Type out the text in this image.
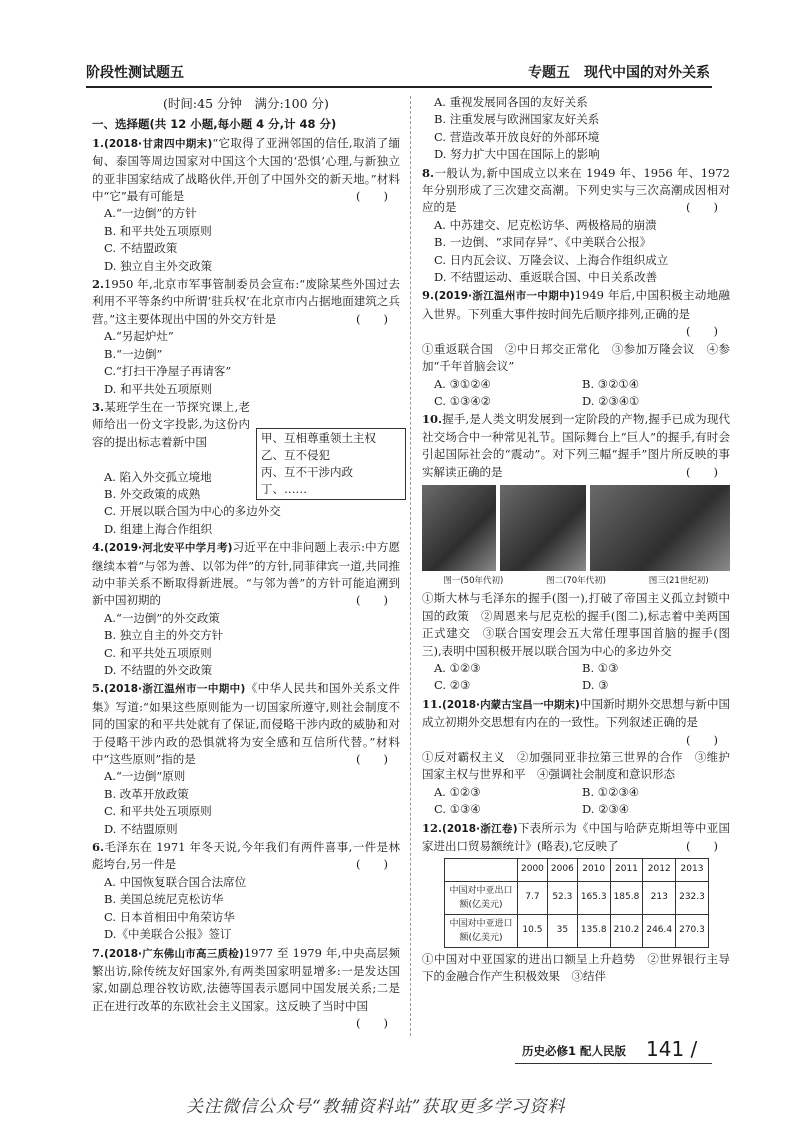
阶段性测试题五	专题五　现代中国的对外关系
(时间:45 分钟　满分:100 分)
一、选择题(共 12 小题,每小题 4 分,计 48 分)
1.(2018·甘肃四中期末)“它取得了亚洲邻国的信任,取消了缅甸、泰国等周边国家对中国这个大国的‘恐惧’心理,与新独立的亚非国家结成了战略伙伴,开创了中国外交的新天地。”材料中“它”最有可能是	(　　)
A.“一边倒”的方针
B. 和平共处五项原则
C. 不结盟政策
D. 独立自主外交政策
2.1950 年,北京市军事管制委员会宣布:“废除某些外国过去利用不平等条约中所谓‘驻兵权’在北京市内占据地面建筑之兵营。”这主要体现出中国的外交方针是	(　　)
A.“另起炉灶”
B.“一边倒”
C.“打扫干净屋子再请客”
D. 和平共处五项原则
3.某班学生在一节探究课上,老师给出一份文字投影,为这份内容的提出标志着新中国
A. 陷入外交孤立境地
B. 外交政策的成熟
C. 开展以联合国为中心的多边外交
D. 组建上海合作组织
4.(2019·河北安平中学月考)习近平在中非问题上表示:中方愿继续本着“与邻为善、以邻为伴”的方针,同菲律宾一道,共同推动中菲关系不断取得新进展。“与邻为善”的方针可能追溯到新中国初期的	(　　)
A.“一边倒”的外交政策
B. 独立自主的外交方针
C. 和平共处五项原则
D. 不结盟的外交政策
5.(2018·浙江温州市一中期中)《中华人民共和国外关系文件集》写道:“如果这些原则能为一切国家所遵守,则社会制度不同的国家的和平共处就有了保证,而侵略干涉内政的威胁和对于侵略干涉内政的恐惧就将为安全感和互信所代替。”材料中“这些原则”指的是	(　　)
A.“一边倒”原则
B. 改革开放政策
C. 和平共处五项原则
D. 不结盟原则
6.毛泽东在 1971 年冬天说,今年我们有两件喜事,一件是林彪垮台,另一件是	(　　)
A. 中国恢复联合国合法席位
B. 美国总统尼克松访华
C. 日本首相田中角荣访华
D.《中美联合公报》签订
7.(2018·广东佛山市高三质检)1977 至 1979 年,中央高层频繁出访,除传统友好国家外,有两类国家明显增多:一是发达国家,如副总理谷牧访欧,法德等国表示愿同中国发展关系;二是正在进行改革的东欧社会主义国家。这反映了当时中国
(　　)
甲、互相尊重领土主权
乙、互不侵犯
丙、互不干涉内政
丁、……
A. 重视发展同各国的友好关系
B. 注重发展与欧洲国家友好关系
C. 营造改革开放良好的外部环境
D. 努力扩大中国在国际上的影响
8.一般认为,新中国成立以来在 1949 年、1956 年、1972 年分别形成了三次建交高潮。下列史实与三次高潮成因相对应的是	(　　)
A. 中苏建交、尼克松访华、两极格局的崩溃
B. 一边倒、“求同存异”、《中美联合公报》
C. 日内瓦会议、万隆会议、上海合作组织成立
D. 不结盟运动、重返联合国、中日关系改善
9.(2019·浙江温州市一中期中)1949 年后,中国积极主动地融入世界。下列重大事件按时间先后顺序排列,正确的是
(　　)
①重返联合国　②中日邦交正常化　③参加万隆会议　④参加“千年首脑会议”
A. ③①②④	B. ③②①④
C. ①③④②	D. ②③④①
10.握手,是人类文明发展到一定阶段的产物,握手已成为现代社交场合中一种常见礼节。国际舞台上“巨人”的握手,有时会引起国际社会的“震动”。对下列三幅“握手”图片所反映的事实解读正确的是	(　　)
图一(50年代初)	图二(70年代初)	图三(21世纪初)
①斯大林与毛泽东的握手(图一),打破了帝国主义孤立封锁中国的政策　②周恩来与尼克松的握手(图二),标志着中美两国正式建交　③联合国安理会五大常任理事国首脑的握手(图三),表明中国积极开展以联合国为中心的多边外交
A. ①②③	B. ①③
C. ②③	D. ③
11.(2018·内蒙古宝昌一中期末)中国新时期外交思想与新中国成立初期外交思想有内在的一致性。下列叙述正确的是
(　　)
①反对霸权主义　②加强同亚非拉第三世界的合作　③维护国家主权与世界和平　④强调社会制度和意识形态
A. ①②③	B. ①②③④
C. ①③④	D. ②③④
12.(2018·浙江卷)下表所示为《中国与哈萨克斯坦等中亚国家进出口贸易额统计》(略表),它反映了	(　　)
	2000	2006	2010	2011	2012	2013
中国对中亚出口额(亿美元)	7.7	52.3	165.3	185.8	213	232.3
中国对中亚进口额(亿美元)	10.5	35	135.8	210.2	246.4	270.3
①中国对中亚国家的进出口额呈上升趋势　②世界银行主导下的金融合作产生积极效果　③结伴
历史必修1 配人民版 141 /
关注微信公众号“教辅资料站”获取更多学习资料
